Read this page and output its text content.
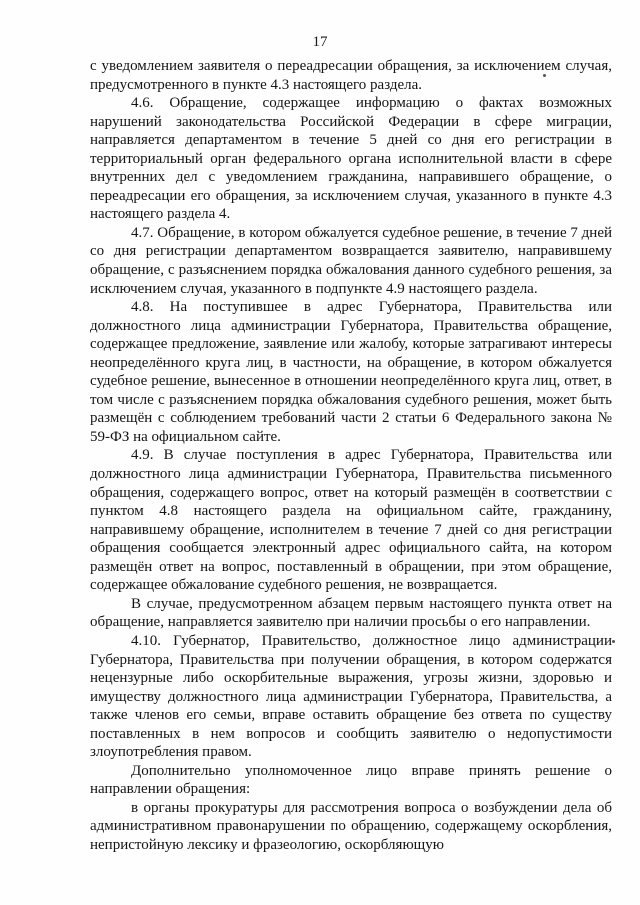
17

с уведомлением заявителя о переадресации обращения, за исключением случая, предусмотренного в пункте 4.3 настоящего раздела.

4.6. Обращение, содержащее информацию о фактах возможных нарушений законодательства Российской Федерации в сфере миграции, направляется департаментом в течение 5 дней со дня его регистрации в территориальный орган федерального органа исполнительной власти в сфере внутренних дел с уведомлением гражданина, направившего обращение, о переадресации его обращения, за исключением случая, указанного в пункте 4.3 настоящего раздела 4.

4.7. Обращение, в котором обжалуется судебное решение, в течение 7 дней со дня регистрации департаментом возвращается заявителю, направившему обращение, с разъяснением порядка обжалования данного судебного решения, за исключением случая, указанного в подпункте 4.9 настоящего раздела.

4.8. На поступившее в адрес Губернатора, Правительства или должностного лица администрации Губернатора, Правительства обращение, содержащее предложение, заявление или жалобу, которые затрагивают интересы неопределённого круга лиц, в частности, на обращение, в котором обжалуется судебное решение, вынесенное в отношении неопределённого круга лиц, ответ, в том числе с разъяснением порядка обжалования судебного решения, может быть размещён с соблюдением требований части 2 статьи 6 Федерального закона № 59-ФЗ на официальном сайте.

4.9. В случае поступления в адрес Губернатора, Правительства или должностного лица администрации Губернатора, Правительства письменного обращения, содержащего вопрос, ответ на который размещён в соответствии с пунктом 4.8 настоящего раздела на официальном сайте, гражданину, направившему обращение, исполнителем в течение 7 дней со дня регистрации обращения сообщается электронный адрес официального сайта, на котором размещён ответ на вопрос, поставленный в обращении, при этом обращение, содержащее обжалование судебного решения, не возвращается.

В случае, предусмотренном абзацем первым настоящего пункта ответ на обращение, направляется заявителю при наличии просьбы о его направлении.

4.10. Губернатор, Правительство, должностное лицо администрации Губернатора, Правительства при получении обращения, в котором содержатся нецензурные либо оскорбительные выражения, угрозы жизни, здоровью и имуществу должностного лица администрации Губернатора, Правительства, а также членов его семьи, вправе оставить обращение без ответа по существу поставленных в нем вопросов и сообщить заявителю о недопустимости злоупотребления правом.

Дополнительно уполномоченное лицо вправе принять решение о направлении обращения:

в органы прокуратуры для рассмотрения вопроса о возбуждении дела об административном правонарушении по обращению, содержащему оскорбления, непристойную лексику и фразеологию, оскорбляющую
